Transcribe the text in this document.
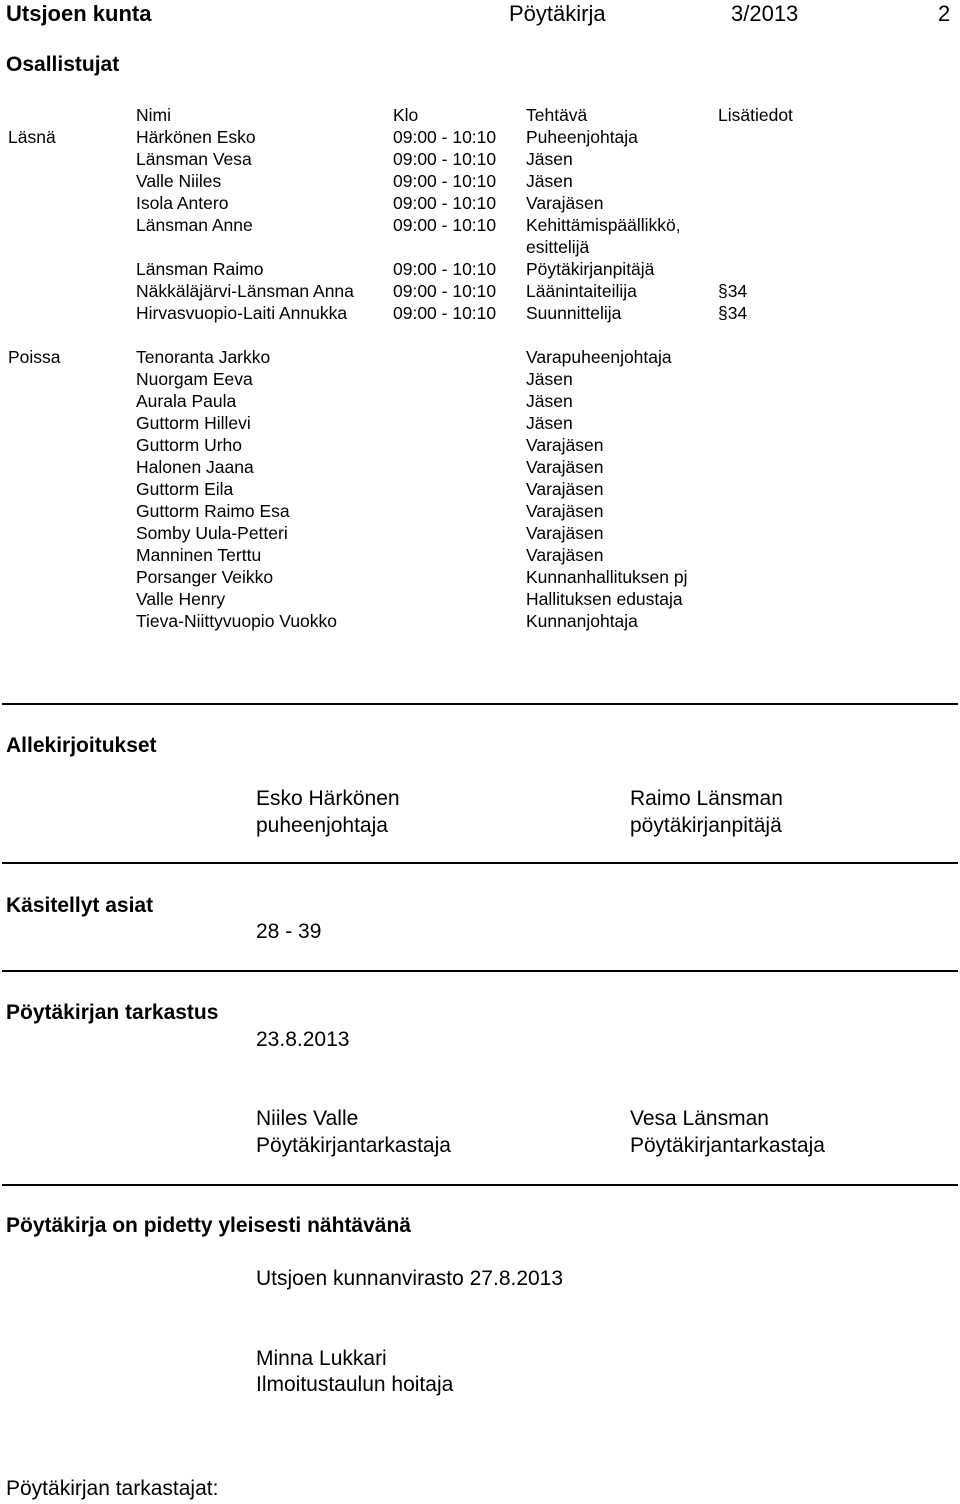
Utsjoen kunta	Pöytäkirja	3/2013	2
Osallistujat
Nimi	Klo	Tehtävä	Lisätiedot
Läsnä	Härkönen Esko	09:00 - 10:10 Puheenjohtaja
Länsman Vesa	09:00 - 10:10 Jäsen
Valle Niiles	09:00 - 10:10 Jäsen
Isola Antero	09:00 - 10:10 Varajäsen
Länsman Anne	09:00 - 10:10 Kehittämispäällikkö,
esittelijä
Länsman Raimo	09:00 - 10:10 Pöytäkirjanpitäjä
Näkkäläjärvi-Länsman Anna 09:00 - 10:10 Läänintaiteilija	§34
Hirvasvuopio-Laiti Annukka	09:00 - 10:10 Suunnittelija	§34
Poissa	Tenoranta Jarkko	Varapuheenjohtaja
Nuorgam Eeva	Jäsen
Aurala Paula	Jäsen
Guttorm Hillevi	Jäsen
Guttorm Urho	Varajäsen
Halonen Jaana	Varajäsen
Guttorm Eila	Varajäsen
Guttorm Raimo Esa	Varajäsen
Somby Uula-Petteri	Varajäsen
Manninen Terttu	Varajäsen
Porsanger Veikko	Kunnanhallituksen pj
Valle Henry	Hallituksen edustaja
Tieva-Niittyvuopio Vuokko	Kunnanjohtaja
Allekirjoitukset
Esko Härkönen
puheenjohtaja
Raimo Länsman
pöytäkirjanpitäjä
Käsitellyt asiat
28 - 39
Pöytäkirjan tarkastus
23.8.2013
Niiles Valle
Pöytäkirjantarkastaja
Vesa Länsman
Pöytäkirjantarkastaja
Pöytäkirja on pidetty yleisesti nähtävänä
Utsjoen kunnanvirasto 27.8.2013
Minna Lukkari
Ilmoitustaulun hoitaja
Pöytäkirjan tarkastajat:
